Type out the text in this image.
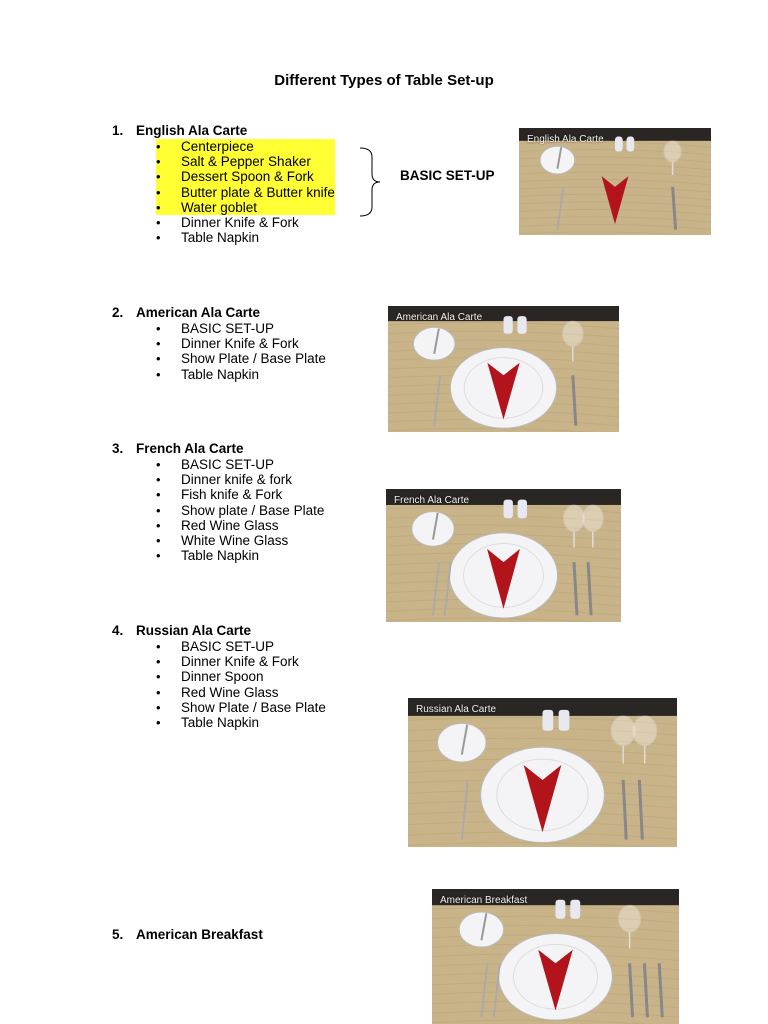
Different Types of Table Set-up
1. English Ala Carte
• Centerpiece
• Salt & Pepper Shaker
• Dessert Spoon & Fork
• Butter plate & Butter knife
• Water goblet
• Dinner Knife & Fork
• Table Napkin
BASIC SET-UP
English Ala Carte
2. American Ala Carte
• BASIC SET-UP
• Dinner Knife & Fork
• Show Plate / Base Plate
• Table Napkin
American Ala Carte
3. French Ala Carte
• BASIC SET-UP
• Dinner knife & fork
• Fish knife & Fork
• Show plate / Base Plate
• Red Wine Glass
• White Wine Glass
• Table Napkin
French Ala Carte
4. Russian Ala Carte
• BASIC SET-UP
• Dinner Knife & Fork
• Dinner Spoon
• Red Wine Glass
• Show Plate / Base Plate
• Table Napkin
Russian Ala Carte
5. American Breakfast
American Breakfast
